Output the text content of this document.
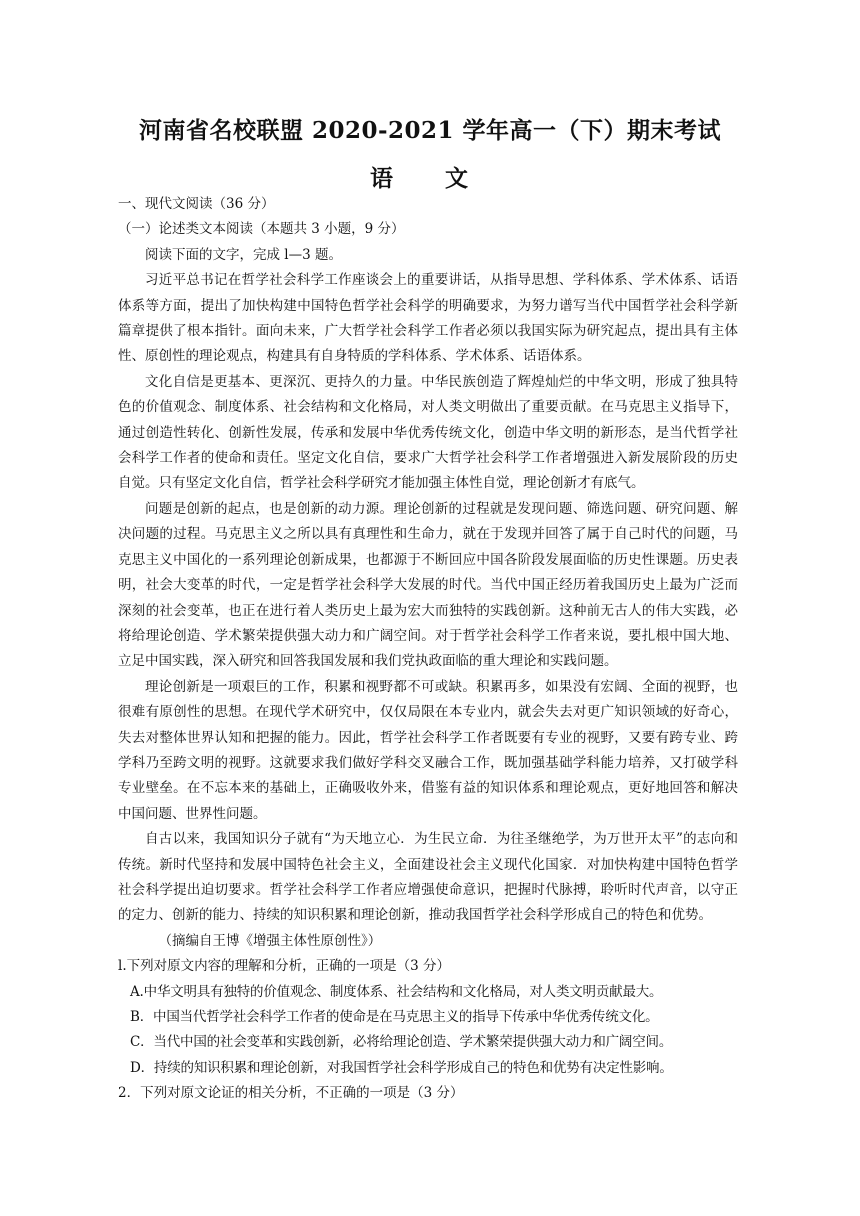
河南省名校联盟 2020-2021 学年高一（下）期末考试
语 文

一、现代文阅读（36 分）

（一）论述类文本阅读（本题共 3 小题，9 分）

阅读下面的文字，完成 l—3 题。

习近平总书记在哲学社会科学工作座谈会上的重要讲话，从指导思想、学科体系、学术体系、话语体系等方面，提出了加快构建中国特色哲学社会科学的明确要求，为努力谱写当代中国哲学社会科学新篇章提供了根本指针。面向未来，广大哲学社会科学工作者必须以我国实际为研究起点，提出具有主体性、原创性的理论观点，构建具有自身特质的学科体系、学术体系、话语体系。

文化自信是更基本、更深沉、更持久的力量。中华民族创造了辉煌灿烂的中华文明，形成了独具特色的价值观念、制度体系、社会结构和文化格局，对人类文明做出了重要贡献。在马克思主义指导下，通过创造性转化、创新性发展，传承和发展中华优秀传统文化，创造中华文明的新形态，是当代哲学社会科学工作者的使命和责任。坚定文化自信，要求广大哲学社会科学工作者增强进入新发展阶段的历史自觉。只有坚定文化自信，哲学社会科学研究才能加强主体性自觉，理论创新才有底气。

问题是创新的起点，也是创新的动力源。理论创新的过程就是发现问题、筛选问题、研究问题、解决问题的过程。马克思主义之所以具有真理性和生命力，就在于发现并回答了属于自己时代的问题，马克思主义中国化的一系列理论创新成果，也都源于不断回应中国各阶段发展面临的历史性课题。历史表明，社会大变革的时代，一定是哲学社会科学大发展的时代。当代中国正经历着我国历史上最为广泛而深刻的社会变革，也正在进行着人类历史上最为宏大而独特的实践创新。这种前无古人的伟大实践，必将给理论创造、学术繁荣提供强大动力和广阔空间。对于哲学社会科学工作者来说，要扎根中国大地、立足中国实践，深入研究和回答我国发展和我们党执政面临的重大理论和实践问题。

理论创新是一项艰巨的工作，积累和视野都不可或缺。积累再多，如果没有宏阔、全面的视野，也很难有原创性的思想。在现代学术研究中，仅仅局限在本专业内，就会失去对更广知识领域的好奇心，失去对整体世界认知和把握的能力。因此，哲学社会科学工作者既要有专业的视野，又要有跨专业、跨学科乃至跨文明的视野。这就要求我们做好学科交叉融合工作，既加强基础学科能力培养，又打破学科专业壁垒。在不忘本来的基础上，正确吸收外来，借鉴有益的知识体系和理论观点，更好地回答和解决中国问题、世界性问题。

自古以来，我国知识分子就有“为天地立心．为生民立命．为往圣继绝学，为万世开太平”的志向和传统。新时代坚持和发展中国特色社会主义，全面建设社会主义现代化国家．对加快构建中国特色哲学社会科学提出迫切要求。哲学社会科学工作者应增强使命意识，把握时代脉搏，聆听时代声音，以守正的定力、创新的能力、持续的知识积累和理论创新，推动我国哲学社会科学形成自己的特色和优势。

（摘编自王博《增强主体性原创性》）

l.下列对原文内容的理解和分析，正确的一项是（3 分）

A.中华文明具有独特的价值观念、制度体系、社会结构和文化格局，对人类文明贡献最大。

B．中国当代哲学社会科学工作者的使命是在马克思主义的指导下传承中华优秀传统文化。

C．当代中国的社会变革和实践创新，必将给理论创造、学术繁荣提供强大动力和广阔空间。

D．持续的知识积累和理论创新，对我国哲学社会科学形成自己的特色和优势有决定性影响。

2．下列对原文论证的相关分析，不正确的一项是（3 分）
